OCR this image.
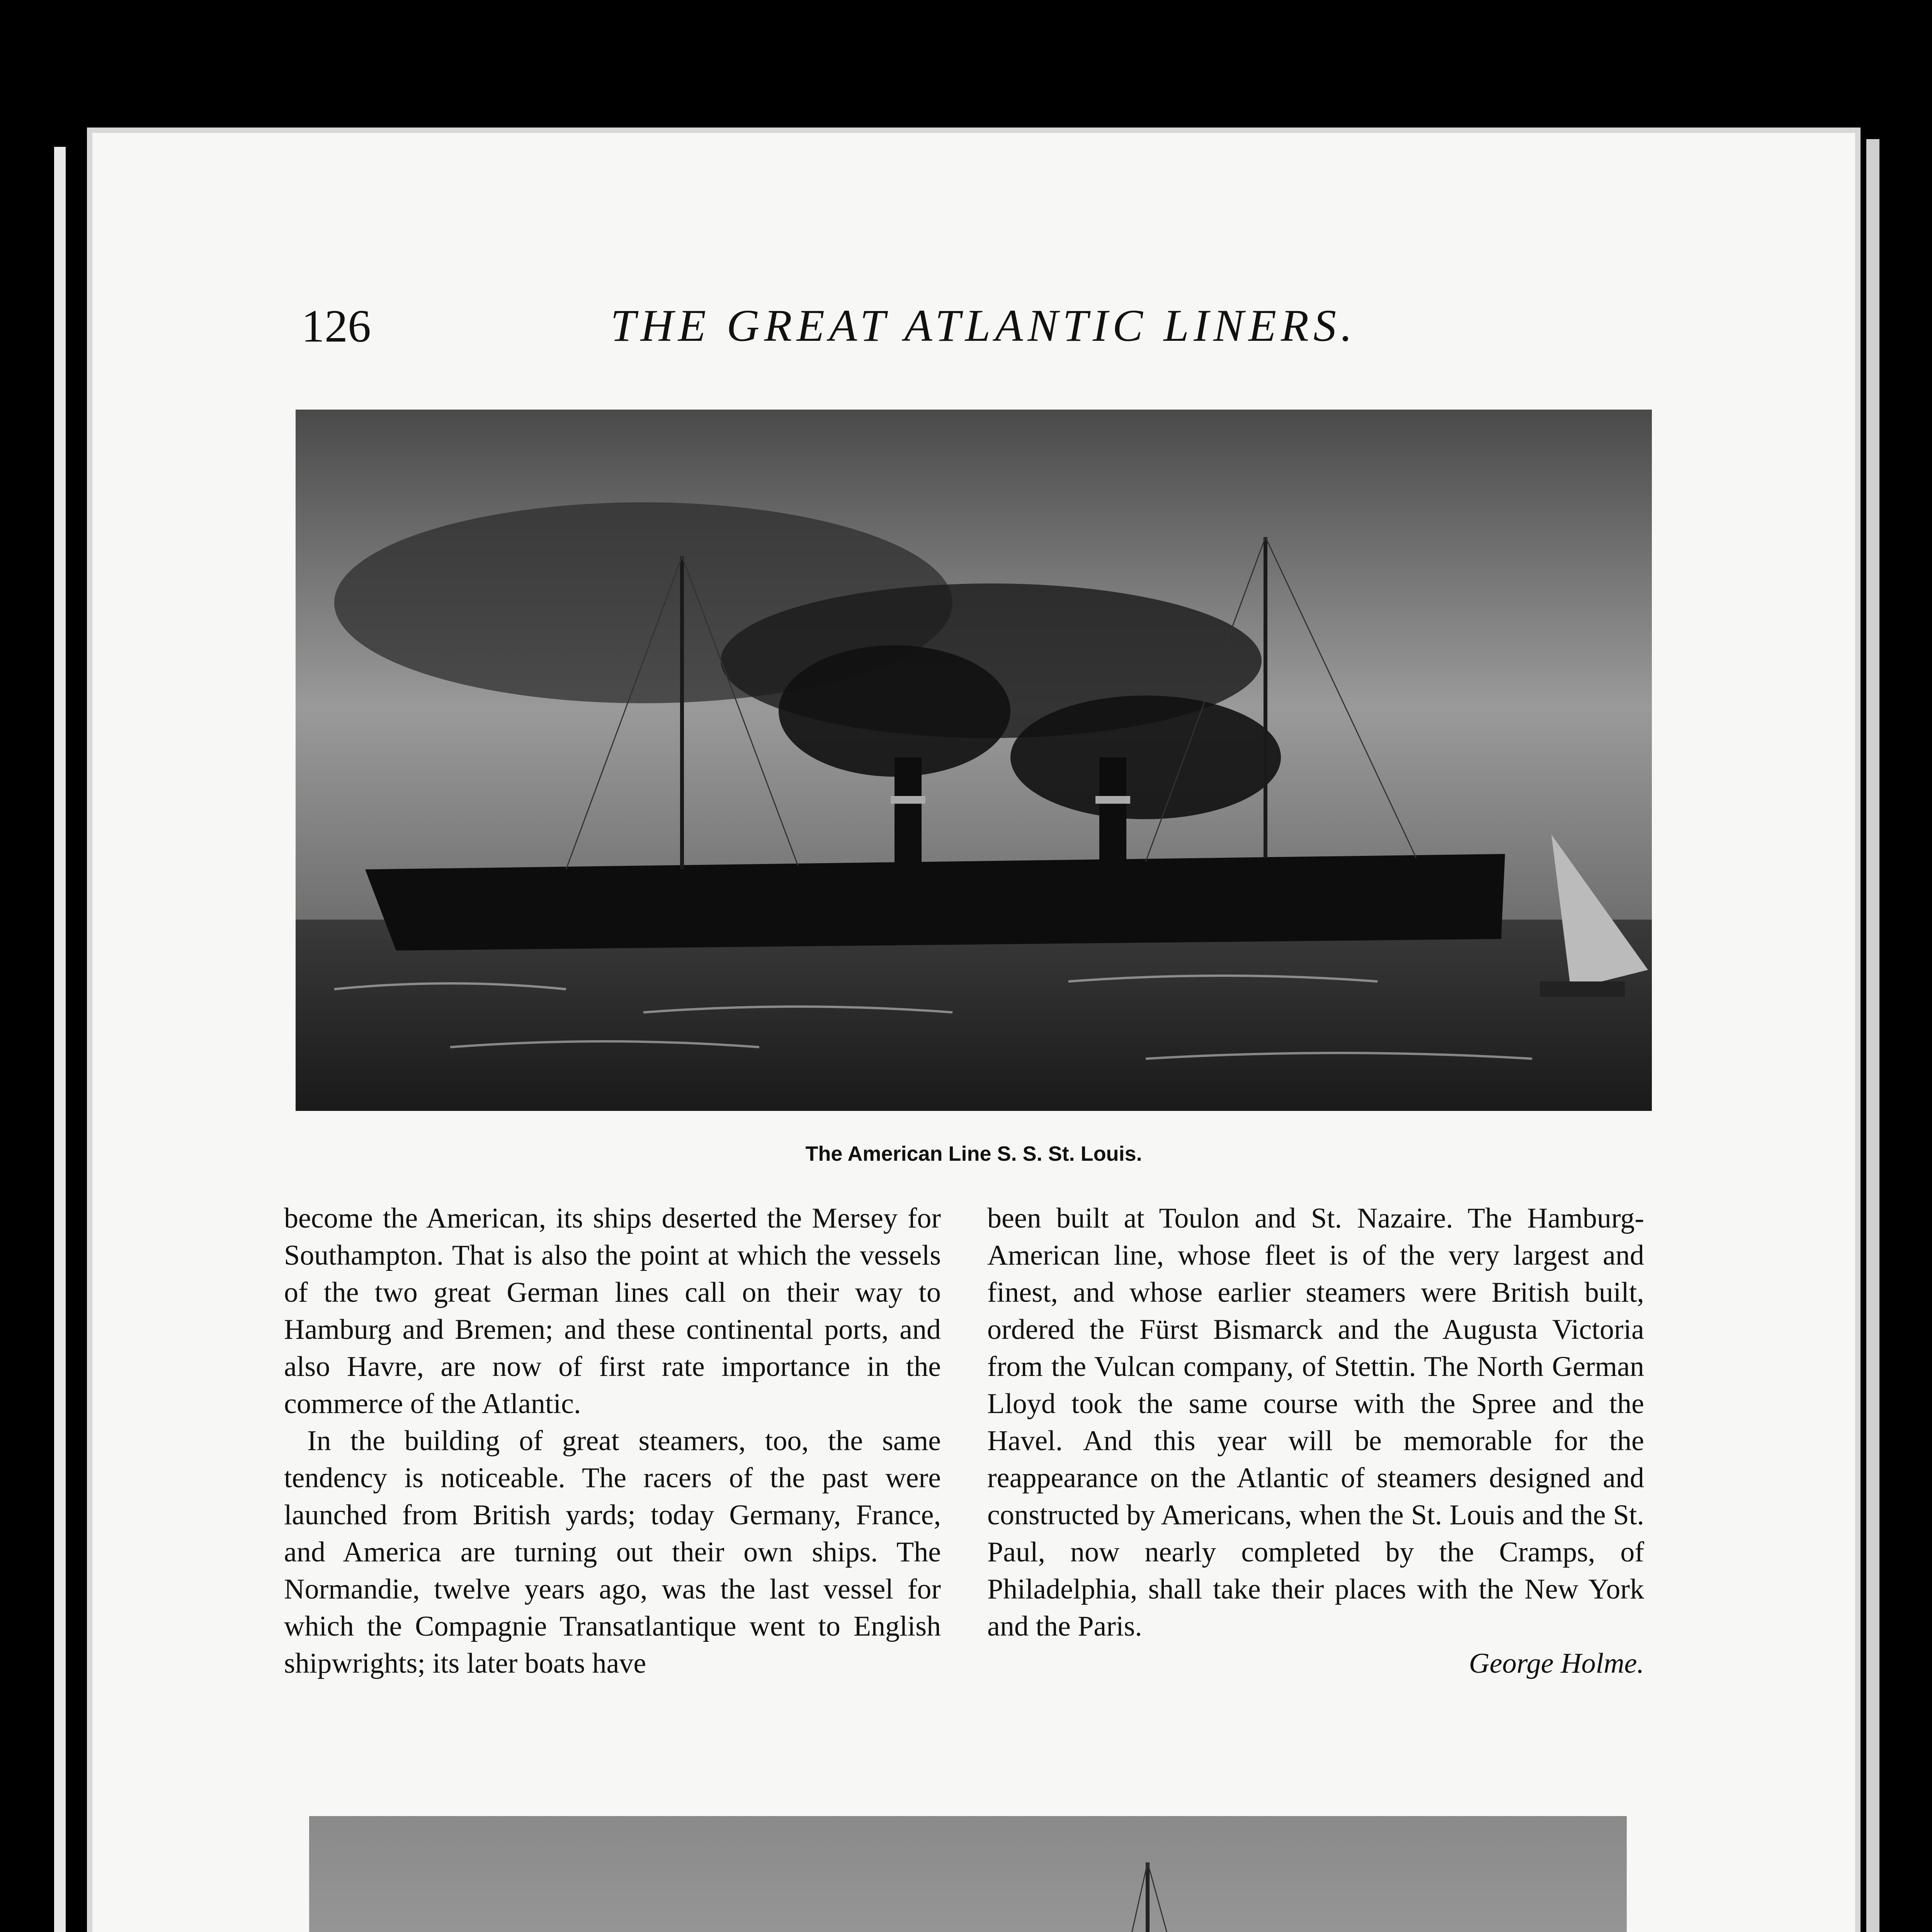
126	THE GREAT ATLANTIC LINERS.
The American Line S. S. St. Louis.

become the American, its ships deserted the Mersey for Southampton. That is also the point at which the vessels of the two great German lines call on their way to Hamburg and Bremen; and these continental ports, and also Havre, are now of first rate importance in the commerce of the Atlantic.

In the building of great steamers, too, the same tendency is noticeable. The racers of the past were launched from British yards; today Germany, France, and America are turning out their own ships. The Normandie, twelve years ago, was the last vessel for which the Compagnie Transatlantique went to English shipwrights; its later boats have

been built at Toulon and St. Nazaire. The Hamburg-American line, whose fleet is of the very largest and finest, and whose earlier steamers were British built, ordered the Fürst Bismarck and the Augusta Victoria from the Vulcan company, of Stettin. The North German Lloyd took the same course with the Spree and the Havel. And this year will be memorable for the reappearance on the Atlantic of steamers designed and constructed by Americans, when the St. Louis and the St. Paul, now nearly completed by the Cramps, of Philadelphia, shall take their places with the New York and the Paris.

George Holme.
